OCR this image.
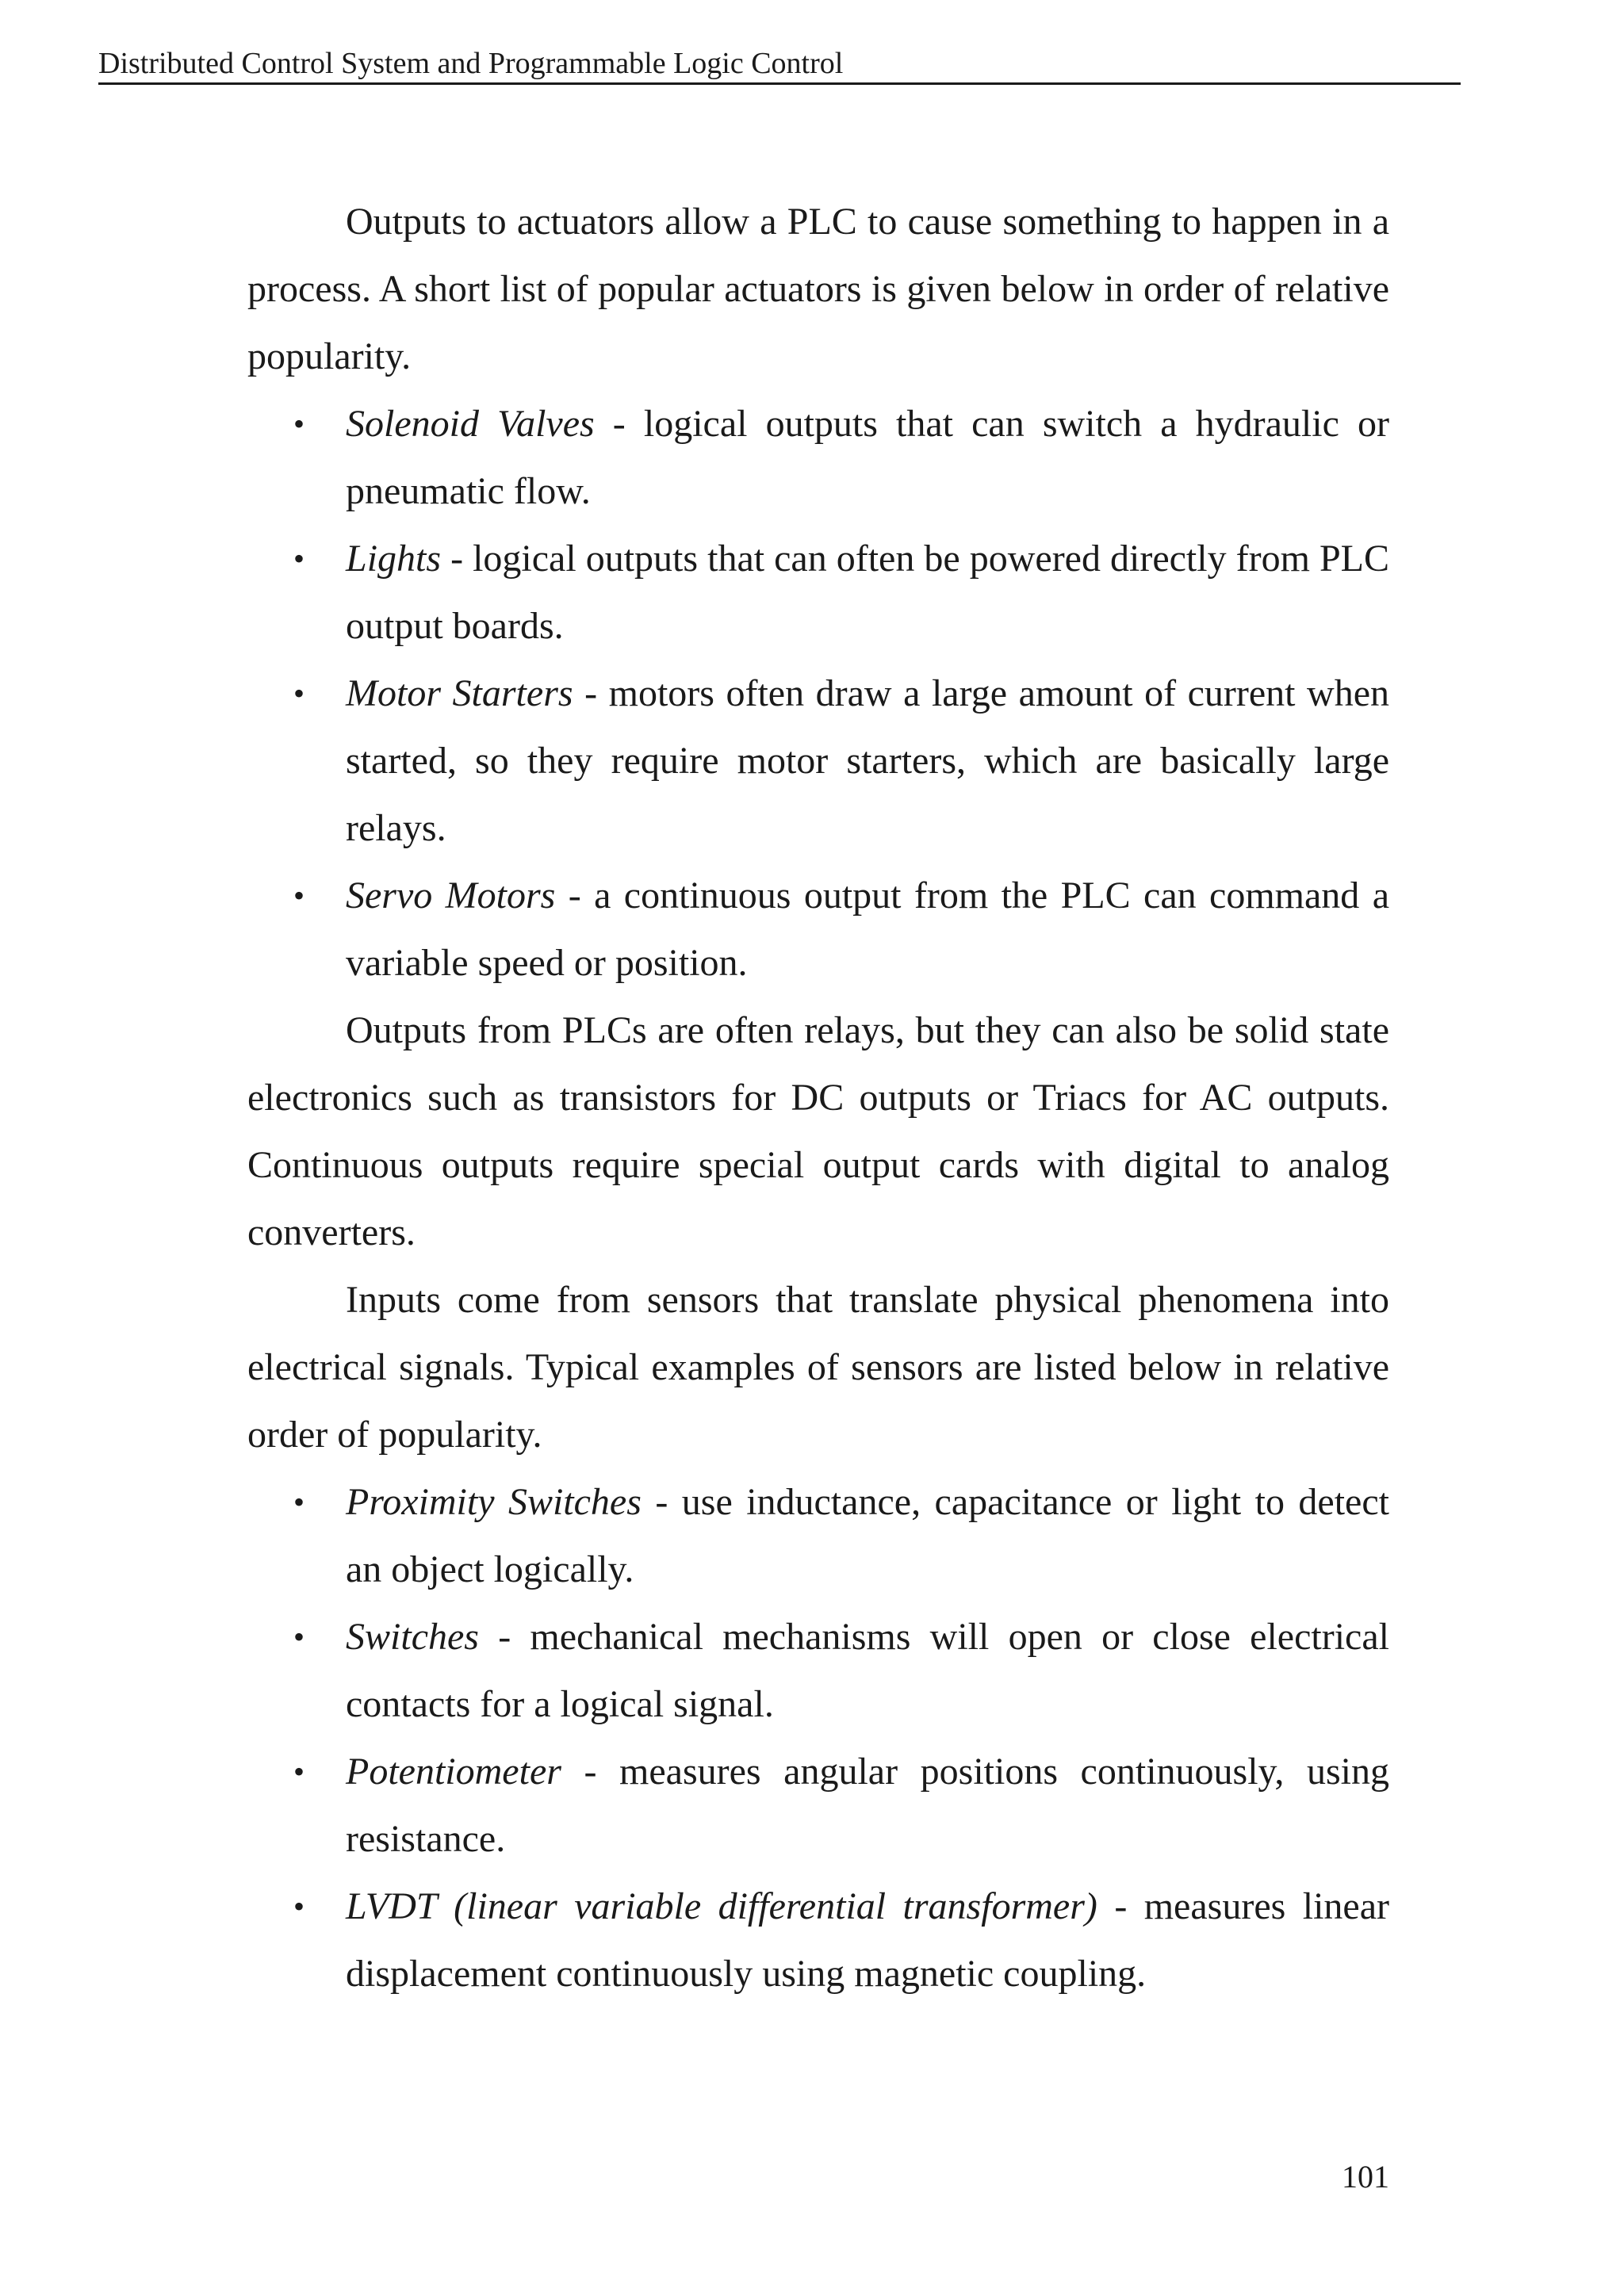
Distributed Control System and Programmable Logic Control

Outputs to actuators allow a PLC to cause something to happen in a process. A short list of popular actuators is given below in order of relative popularity.

• Solenoid Valves - logical outputs that can switch a hydraulic or pneumatic flow.
• Lights - logical outputs that can often be powered directly from PLC output boards.
• Motor Starters - motors often draw a large amount of current when started, so they require motor starters, which are basically large relays.
• Servo Motors - a continuous output from the PLC can command a variable speed or position.

Outputs from PLCs are often relays, but they can also be solid state electronics such as transistors for DC outputs or Triacs for AC outputs. Continuous outputs require special output cards with digital to analog converters.

Inputs come from sensors that translate physical phenomena into electrical signals. Typical examples of sensors are listed below in relative order of popularity.

• Proximity Switches - use inductance, capacitance or light to detect an object logically.
• Switches - mechanical mechanisms will open or close electrical contacts for a logical signal.
• Potentiometer - measures angular positions continuously, using resistance.
• LVDT (linear variable differential transformer) - measures linear displacement continuously using magnetic coupling.
101
